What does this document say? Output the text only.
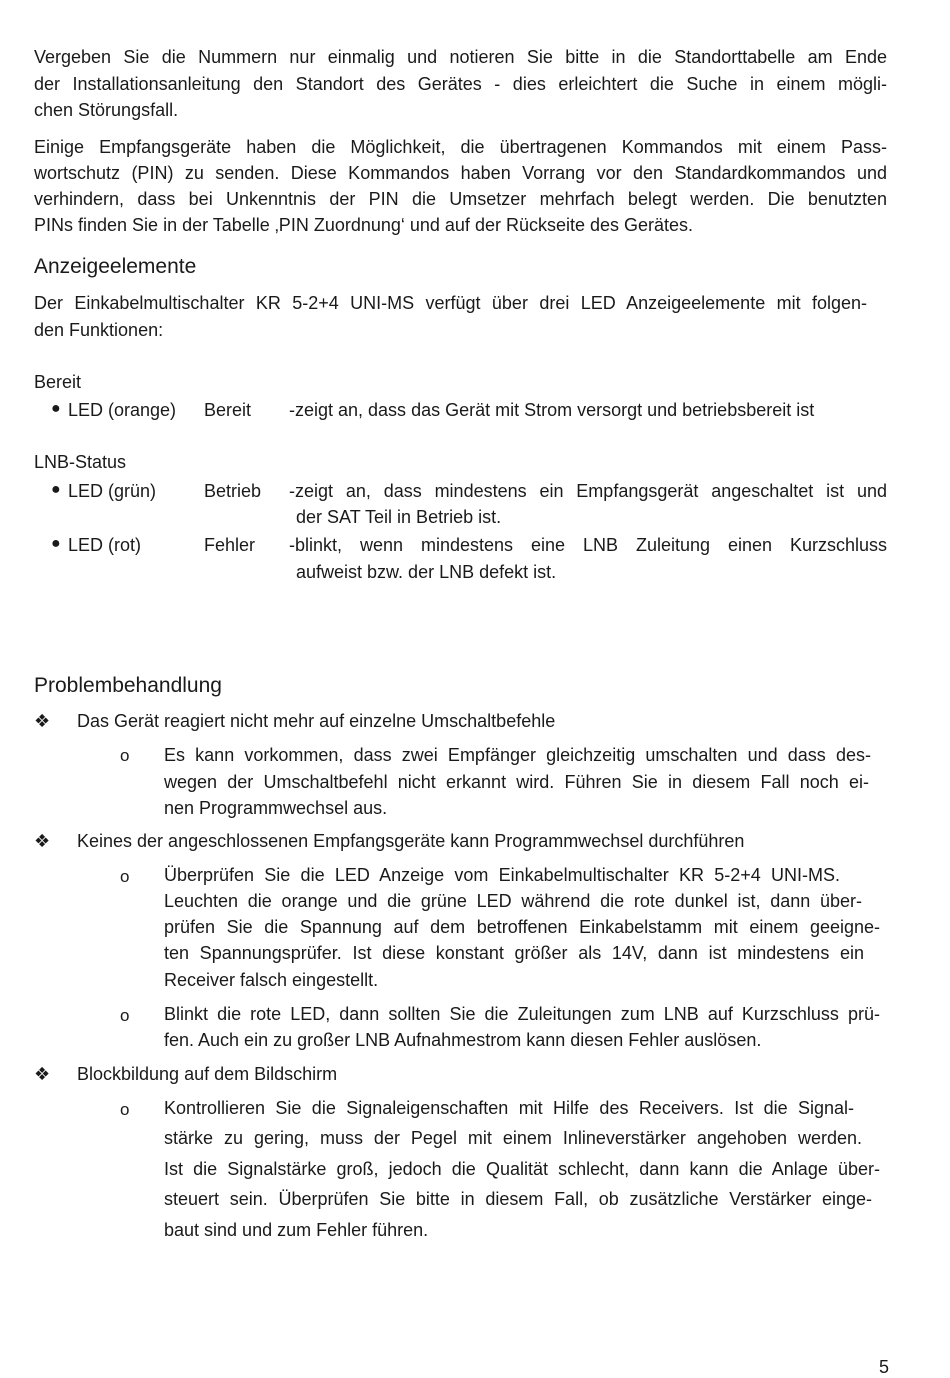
Vergeben Sie die Nummern nur einmalig und notieren Sie bitte in die Standorttabelle am Ende
der Installationsanleitung den Standort des Gerätes - dies erleichtert die Suche in einem mögli-
chen Störungsfall.
Einige Empfangsgeräte haben die Möglichkeit, die übertragenen Kommandos mit einem Pass-
wortschutz (PIN) zu senden. Diese Kommandos haben Vorrang vor den Standardkommandos und
verhindern, dass bei Unkenntnis der PIN die Umsetzer mehrfach belegt werden. Die benutzten
PINs finden Sie in der Tabelle ‚PIN Zuordnung‘ und auf der Rückseite des Gerätes.
Anzeigeelemente
Der Einkabelmultischalter KR 5-2+4 UNI-MS verfügt über drei LED Anzeigeelemente mit folgen-
den Funktionen:
Bereit
● LED (orange) Bereit -zeigt an, dass das Gerät mit Strom versorgt und betriebsbereit ist
LNB-Status
● LED (grün)	Betrieb -zeigt an, dass mindestens ein Empfangsgerät angeschaltet ist und
der SAT Teil in Betrieb ist.
● LED (rot)	Fehler -blinkt, wenn mindestens eine LNB Zuleitung einen Kurzschluss
aufweist bzw. der LNB defekt ist.
Problembehandlung
❖ Das Gerät reagiert nicht mehr auf einzelne Umschaltbefehle
o Es kann vorkommen, dass zwei Empfänger gleichzeitig umschalten und dass des-
wegen der Umschaltbefehl nicht erkannt wird. Führen Sie in diesem Fall noch ei-
nen Programmwechsel aus.
❖ Keines der angeschlossenen Empfangsgeräte kann Programmwechsel durchführen
o Überprüfen Sie die LED Anzeige vom Einkabelmultischalter KR 5-2+4 UNI-MS.
Leuchten die orange und die grüne LED während die rote dunkel ist, dann über-
prüfen Sie die Spannung auf dem betroffenen Einkabelstamm mit einem geeigne-
ten Spannungsprüfer. Ist diese konstant größer als 14V, dann ist mindestens ein
Receiver falsch eingestellt.
o Blinkt die rote LED, dann sollten Sie die Zuleitungen zum LNB auf Kurzschluss prü-
fen. Auch ein zu großer LNB Aufnahmestrom kann diesen Fehler auslösen.
❖ Blockbildung auf dem Bildschirm
o Kontrollieren Sie die Signaleigenschaften mit Hilfe des Receivers. Ist die Signal-
stärke zu gering, muss der Pegel mit einem Inlineverstärker angehoben werden.
Ist die Signalstärke groß, jedoch die Qualität schlecht, dann kann die Anlage über-
steuert sein. Überprüfen Sie bitte in diesem Fall, ob zusätzliche Verstärker einge-
baut sind und zum Fehler führen.
5
